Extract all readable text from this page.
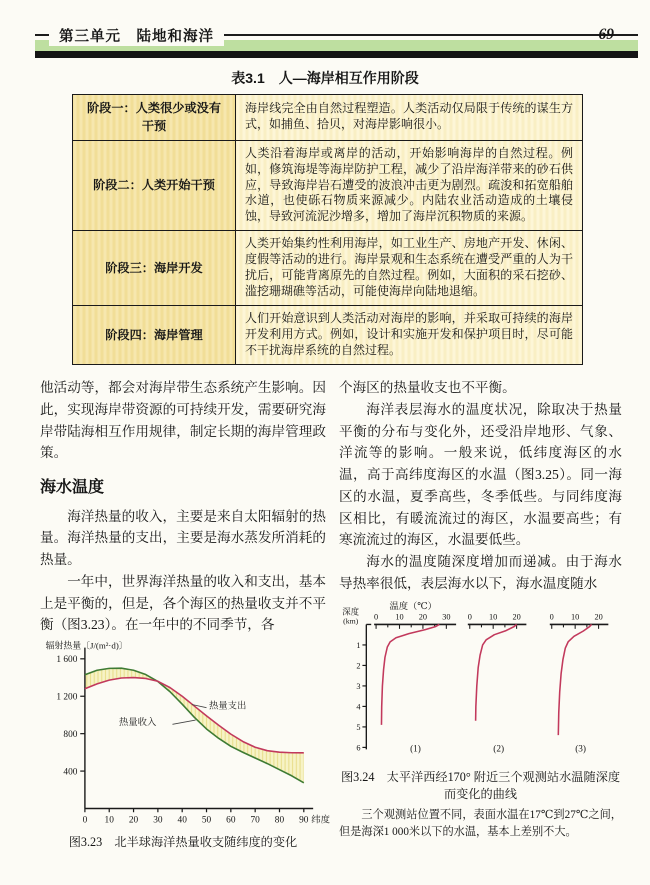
第三单元　陆地和海洋	69
表3.1　人—海岸相互作用阶段
阶段一：人类很少或没有干预	海岸线完全由自然过程塑造。人类活动仅局限于传统的谋生方式，如捕鱼、拾贝，对海岸影响很小。
阶段二：人类开始干预	人类沿着海岸或离岸的活动，开始影响海岸的自然过程。例如，修筑海堤等海岸防护工程，减少了沿岸海洋带来的砂石供应，导致海岸岩石遭受的波浪冲击更为剧烈。疏浚和拓宽船舶水道，也使砾石物质来源减少。内陆农业活动造成的土壤侵蚀，导致河流泥沙增多，增加了海岸沉积物质的来源。
阶段三：海岸开发	人类开始集约性利用海岸，如工业生产、房地产开发、休闲、度假等活动的进行。海岸景观和生态系统在遭受严重的人为干扰后，可能背离原先的自然过程。例如，大面积的采石挖砂、滥挖珊瑚礁等活动，可能使海岸向陆地退缩。
阶段四：海岸管理	人们开始意识到人类活动对海岸的影响，并采取可持续的海岸开发利用方式。例如，设计和实施开发和保护项目时，尽可能不干扰海岸系统的自然过程。

他活动等，都会对海岸带生态系统产生影响。因此，实现海岸带资源的可持续开发，需要研究海岸带陆海相互作用规律，制定长期的海岸管理政策。

海水温度

海洋热量的收入，主要是来自太阳辐射的热量。海洋热量的支出，主要是海水蒸发所消耗的热量。

一年中，世界海洋热量的收入和支出，基本上是平衡的，但是，各个海区的热量收支并不平衡（图3.23）。在一年中的不同季节，各

400
800
1 200
1 600
辐射热量〔J/(m²·d)〕
0 10 20 30 40 50 60 70 80 90 纬度
热量收入
热量支出
图3.23　北半球海洋热量收支随纬度的变化

个海区的热量收支也不平衡。

海洋表层海水的温度状况，除取决于热量平衡的分布与变化外，还受沿岸地形、气象、洋流等的影响。一般来说，低纬度海区的水温，高于高纬度海区的水温（图3.25）。同一海区的水温，夏季高些，冬季低些。与同纬度海区相比，有暖流流过的海区，水温要高些；有寒流流过的海区，水温要低些。

海水的温度随深度增加而递减。由于海水导热率很低，表层海水以下，海水温度随水

1
2
3
4
5
6
深度
(km)
温度（℃）
0 10 20 30
(1)
0 10 20
(2)
0 10 20
(3)
图3.24　太平洋西经170° 附近三个观测站水温随深度而变化的曲线
三个观测站位置不同，表面水温在17℃到27℃之间，但是海深1 000米以下的水温，基本上差别不大。
